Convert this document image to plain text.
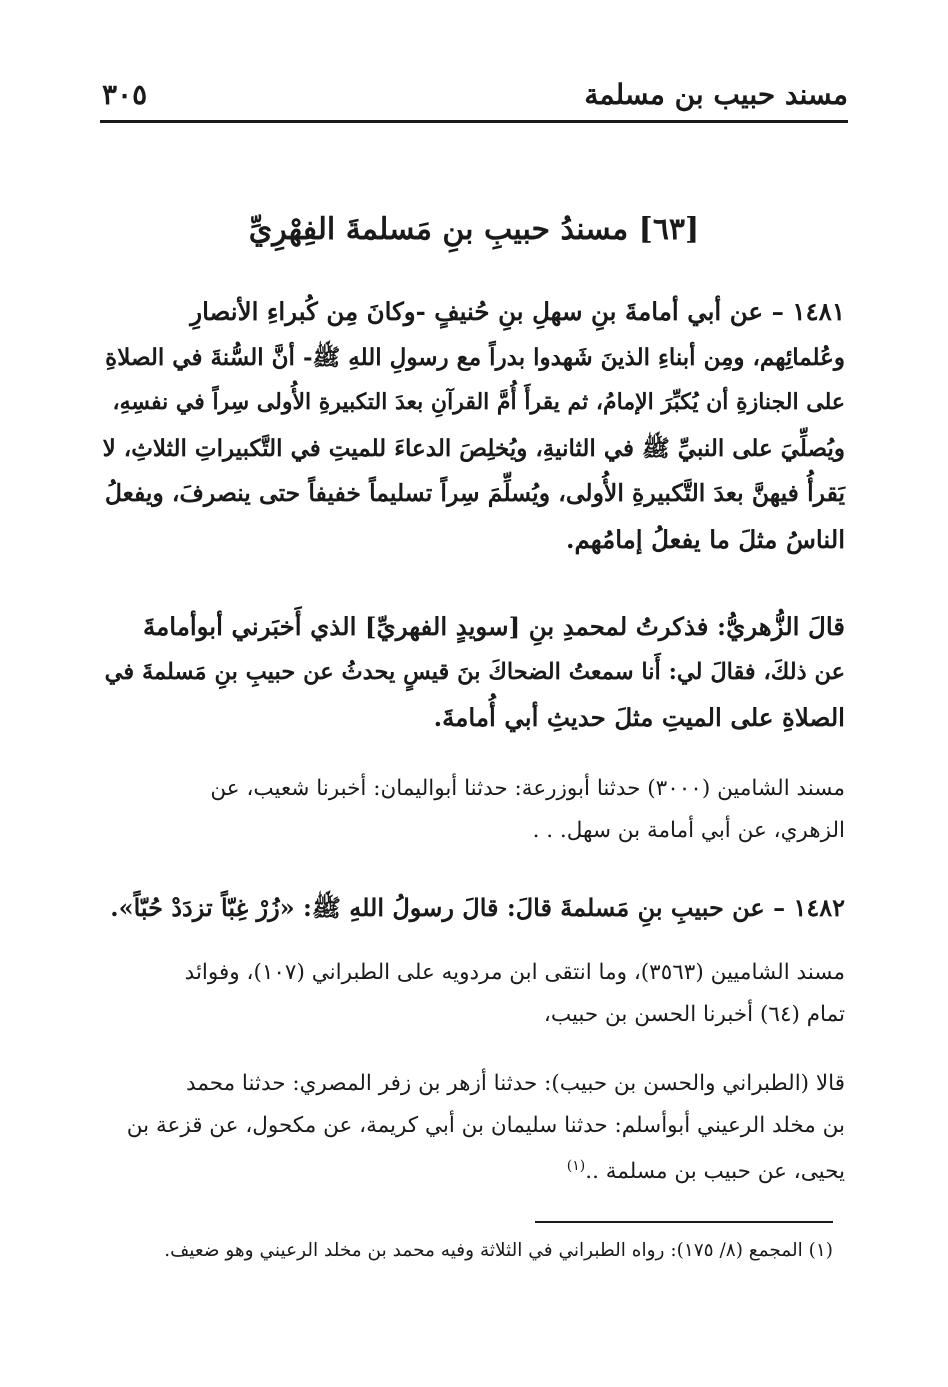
مسند حبيب بن مسلمة
٣٠٥
[٦٣] مسندُ حبيبِ بنِ مَسلمةَ الفِهْرِيِّ
١٤٨١ – عن أبي أمامةَ بنِ سهلِ بنِ حُنيفٍ -وكانَ مِن كُبراءِ الأنصارِ
وعُلمائِهم، ومِن أبناءِ الذينَ شَهدوا بدراً مع رسولِ اللهِ ﷺ- أنَّ السُّنةَ في الصلاةِ
على الجنازةِ أن يُكبِّرَ الإمامُ، ثم يقرأَ أُمَّ القرآنِ بعدَ التكبيرةِ الأُولى سِراً في نفسِهِ،
ويُصلِّيَ على النبيِّ ﷺ في الثانيةِ، ويُخلِصَ الدعاءَ للميتِ في التَّكبيراتِ الثلاثِ، لا
يَقرأُ فيهنَّ بعدَ التَّكبيرةِ الأُولى، ويُسلِّمَ سِراً تسليماً خفيفاً حتى ينصرفَ، ويفعلُ
الناسُ مثلَ ما يفعلُ إمامُهم.
قالَ الزُّهريُّ: فذكرتُ لمحمدِ بنِ [سويدٍ الفهريِّ] الذي أَخبَرني أبوأمامةَ
عن ذلكَ، فقالَ لي: أَنا سمعتُ الضحاكَ بنَ قيسٍ يحدثُ عن حبيبِ بنِ مَسلمةَ في
الصلاةِ على الميتِ مثلَ حديثِ أبي أُمامةَ.
مسند الشامين (٣٠٠٠) حدثنا أبوزرعة: حدثنا أبواليمان: أخبرنا شعيب، عن
الزهري، عن أبي أمامة بن سهل. . .
١٤٨٢ – عن حبيبِ بنِ مَسلمةَ قالَ: قالَ رسولُ اللهِ ﷺ: «زُرْ غِبّاً تزدَدْ حُبّاً».
مسند الشاميين (٣٥٦٣)، وما انتقى ابن مردويه على الطبراني (١٠٧)، وفوائد
تمام (٦٤) أخبرنا الحسن بن حبيب،
قالا (الطبراني والحسن بن حبيب): حدثنا أزهر بن زفر المصري: حدثنا محمد
بن مخلد الرعيني أبوأسلم: حدثنا سليمان بن أبي كريمة، عن مكحول، عن قزعة بن
يحيى، عن حبيب بن مسلمة ..$^{(١)}$
(١) المجمع (٨/ ١٧٥): رواه الطبراني في الثلاثة وفيه محمد بن مخلد الرعيني وهو ضعيف.
